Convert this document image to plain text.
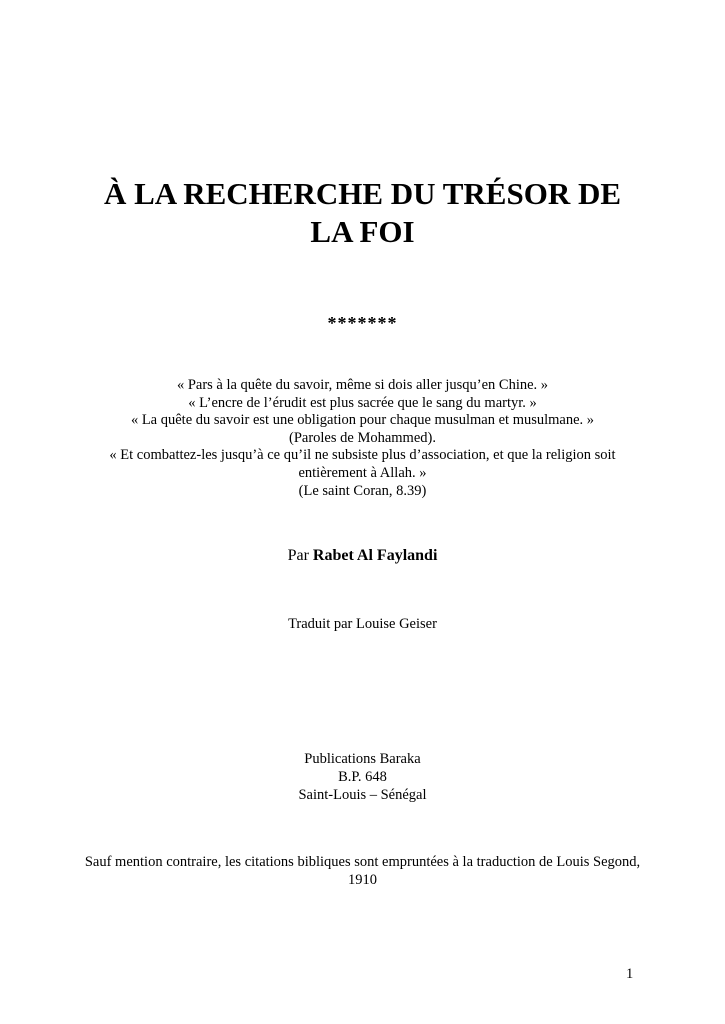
À LA RECHERCHE DU TRÉSOR DE LA FOI
*******
« Pars à la quête du savoir, même si dois aller jusqu’en Chine. »
« L’encre de l’érudit est plus sacrée que le sang du martyr. »
« La quête du savoir est une obligation pour chaque musulman et musulmane. »
(Paroles de Mohammed).
« Et combattez-les jusqu’à ce qu’il ne subsiste plus d’association, et que la religion soit entièrement à Allah. »
(Le saint Coran, 8.39)
Par Rabet Al Faylandi
Traduit par Louise Geiser
Publications Baraka
B.P. 648
Saint-Louis – Sénégal
Sauf mention contraire, les citations bibliques sont empruntées à la traduction de Louis Segond, 1910
1
